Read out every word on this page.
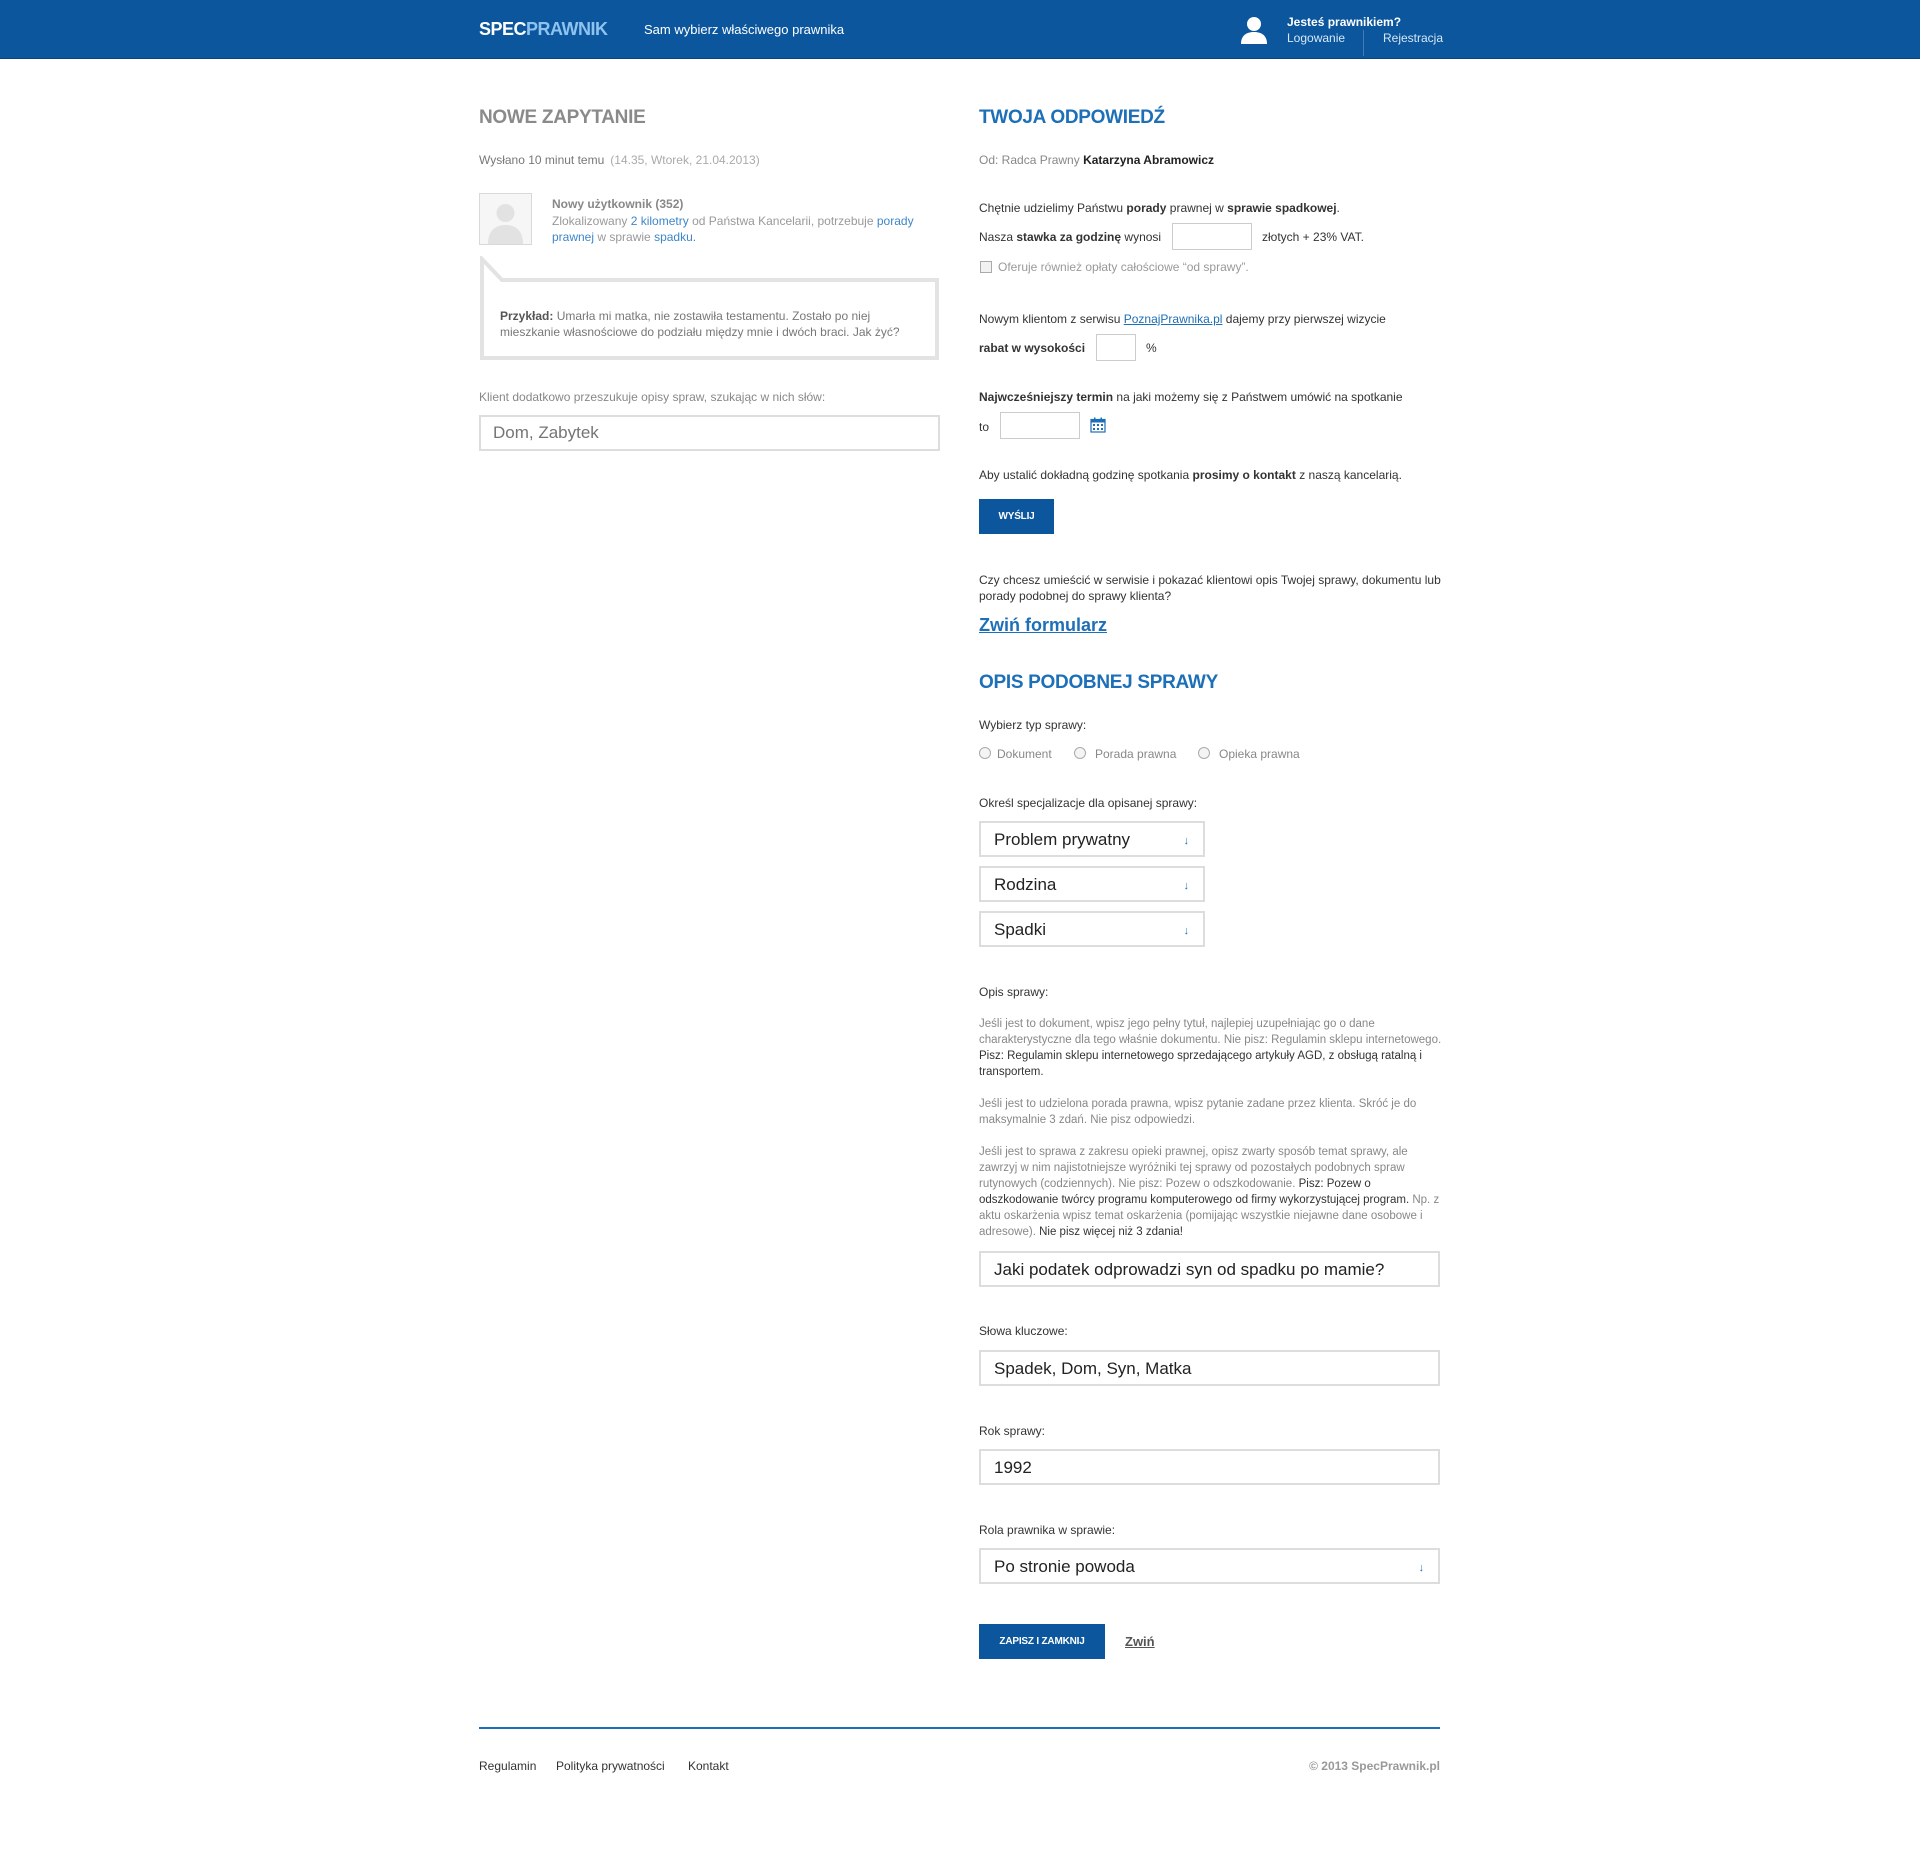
SPECPRAWNIK	Sam wybierz właściwego prawnika	Jesteś prawnikiem?
Logowanie	Rejestracja
NOWE ZAPYTANIE
Wysłano 10 minut temu (14.35, Wtorek, 21.04.2013)
Nowy użytkownik (352)
Zlokalizowany 2 kilometry od Państwa Kancelarii, potrzebuje porady prawnej w sprawie spadku.
Przykład: Umarła mi matka, nie zostawiła testamentu. Zostało po niej mieszkanie własnościowe do podziału między mnie i dwóch braci. Jak żyć?
Klient dodatkowo przeszukuje opisy spraw, szukając w nich słów:
Dom, Zabytek
TWOJA ODPOWIEDŹ
Od: Radca Prawny Katarzyna Abramowicz
Chętnie udzielimy Państwu porady prawnej w sprawie spadkowej.
Nasza stawka za godzinę wynosi	złotych + 23% VAT.
Oferuje również opłaty całościowe “od sprawy”.
Nowym klientom z serwisu PoznajPrawnika.pl dajemy przy pierwszej wizycie
rabat w wysokości	%
Najwcześniejszy termin na jaki możemy się z Państwem umówić na spotkanie
to
Aby ustalić dokładną godzinę spotkania prosimy o kontakt z naszą kancelarią.
WYŚLIJ
Czy chcesz umieścić w serwisie i pokazać klientowi opis Twojej sprawy, dokumentu lub porady podobnej do sprawy klienta?
Zwiń formularz
OPIS PODOBNEJ SPRAWY
Wybierz typ sprawy:
Dokument	Porada prawna	Opieka prawna
Określ specjalizacje dla opisanej sprawy:
Problem prywatny	↓
Rodzina	↓
Spadki	↓
Opis sprawy:
Jeśli jest to dokument, wpisz jego pełny tytuł, najlepiej uzupełniając go o dane charakterystyczne dla tego właśnie dokumentu. Nie pisz: Regulamin sklepu internetowego. Pisz: Regulamin sklepu internetowego sprzedającego artykuły AGD, z obsługą ratalną i transportem.
Jeśli jest to udzielona porada prawna, wpisz pytanie zadane przez klienta. Skróć je do maksymalnie 3 zdań. Nie pisz odpowiedzi.
Jeśli jest to sprawa z zakresu opieki prawnej, opisz zwarty sposób temat sprawy, ale zawrzyj w nim najistotniejsze wyróżniki tej sprawy od pozostałych podobnych spraw rutynowych (codziennych). Nie pisz: Pozew o odszkodowanie. Pisz: Pozew o odszkodowanie twórcy programu komputerowego od firmy wykorzystującej program. Np. z aktu oskarżenia wpisz temat oskarżenia (pomijając wszystkie niejawne dane osobowe i adresowe). Nie pisz więcej niż 3 zdania!
Jaki podatek odprowadzi syn od spadku po mamie?
Słowa kluczowe:
Spadek, Dom, Syn, Matka
Rok sprawy:
1992
Rola prawnika w sprawie:
Po stronie powoda	↓
ZAPISZ I ZAMKNIJ	Zwiń
Regulamin Polityka prywatności Kontakt	© 2013 SpecPrawnik.pl
